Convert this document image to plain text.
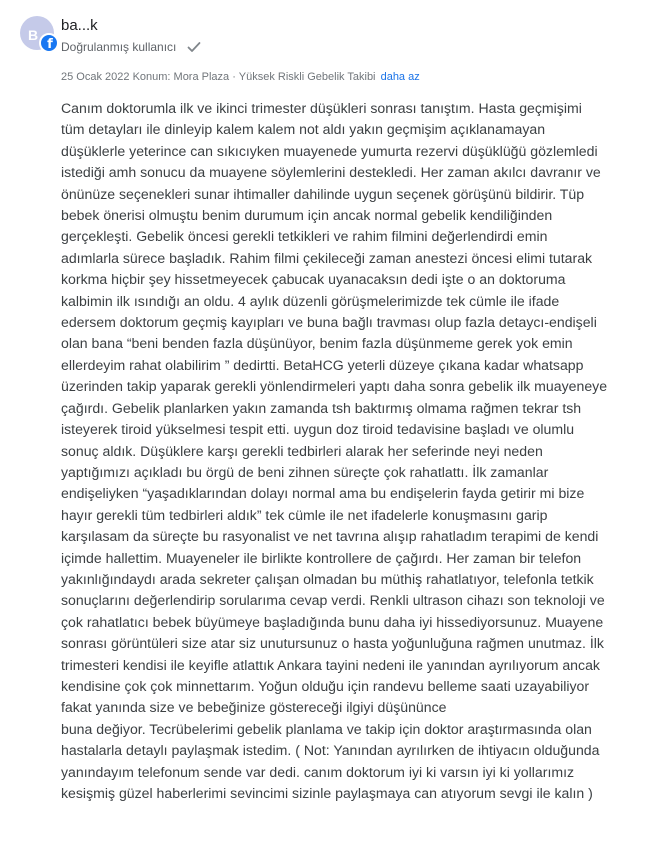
B
f
ba...k
Doğrulanmış kullanıcı
25 Ocak 2022 Konum: Mora Plaza · Yüksek Riskli Gebelik Takibi daha az
Canım doktorumla ilk ve ikinci trimester düşükleri sonrası tanıştım. Hasta geçmişimi
tüm detayları ile dinleyip kalem kalem not aldı yakın geçmişim açıklanamayan
düşüklerle yeterince can sıkıcıyken muayenede yumurta rezervi düşüklüğü gözlemledi
istediği amh sonucu da muayene söylemlerini destekledi. Her zaman akılcı davranır ve
önünüze seçenekleri sunar ihtimaller dahilinde uygun seçenek görüşünü bildirir. Tüp
bebek önerisi olmuştu benim durumum için ancak normal gebelik kendiliğinden
gerçekleşti. Gebelik öncesi gerekli tetkikleri ve rahim filmini değerlendirdi emin
adımlarla sürece başladık. Rahim filmi çekileceği zaman anestezi öncesi elimi tutarak
korkma hiçbir şey hissetmeyecek çabucak uyanacaksın dedi işte o an doktoruma
kalbimin ilk ısındığı an oldu. 4 aylık düzenli görüşmelerimizde tek cümle ile ifade
edersem doktorum geçmiş kayıpları ve buna bağlı travması olup fazla detaycı-endişeli
olan bana “beni benden fazla düşünüyor, benim fazla düşünmeme gerek yok emin
ellerdeyim rahat olabilirim ” dedirtti. BetaHCG yeterli düzeye çıkana kadar whatsapp
üzerinden takip yaparak gerekli yönlendirmeleri yaptı daha sonra gebelik ilk muayeneye
çağırdı. Gebelik planlarken yakın zamanda tsh baktırmış olmama rağmen tekrar tsh
isteyerek tiroid yükselmesi tespit etti. uygun doz tiroid tedavisine başladı ve olumlu
sonuç aldık. Düşüklere karşı gerekli tedbirleri alarak her seferinde neyi neden
yaptığımızı açıkladı bu örgü de beni zihnen süreçte çok rahatlattı. İlk zamanlar
endişeliyken “yaşadıklarından dolayı normal ama bu endişelerin fayda getirir mi bize
hayır gerekli tüm tedbirleri aldık” tek cümle ile net ifadelerle konuşmasını garip
karşılasam da süreçte bu rasyonalist ve net tavrına alışıp rahatladım terapimi de kendi
içimde hallettim. Muayeneler ile birlikte kontrollere de çağırdı. Her zaman bir telefon
yakınlığındaydı arada sekreter çalışan olmadan bu müthiş rahatlatıyor, telefonla tetkik
sonuçlarını değerlendirip sorularıma cevap verdi. Renkli ultrason cihazı son teknoloji ve
çok rahatlatıcı bebek büyümeye başladığında bunu daha iyi hissediyorsunuz. Muayene
sonrası görüntüleri size atar siz unutursunuz o hasta yoğunluğuna rağmen unutmaz. İlk
trimesteri kendisi ile keyifle atlattık Ankara tayini nedeni ile yanından ayrılıyorum ancak
kendisine çok çok minnettarım. Yoğun olduğu için randevu belleme saati uzayabiliyor
fakat yanında size ve bebeğinize göstereceği ilgiyi düşününce
buna değiyor. Tecrübelerimi gebelik planlama ve takip için doktor araştırmasında olan
hastalarla detaylı paylaşmak istedim. ( Not: Yanından ayrılırken de ihtiyacın olduğunda
yanındayım telefonum sende var dedi. canım doktorum iyi ki varsın iyi ki yollarımız
kesişmiş güzel haberlerimi sevincimi sizinle paylaşmaya can atıyorum sevgi ile kalın )
